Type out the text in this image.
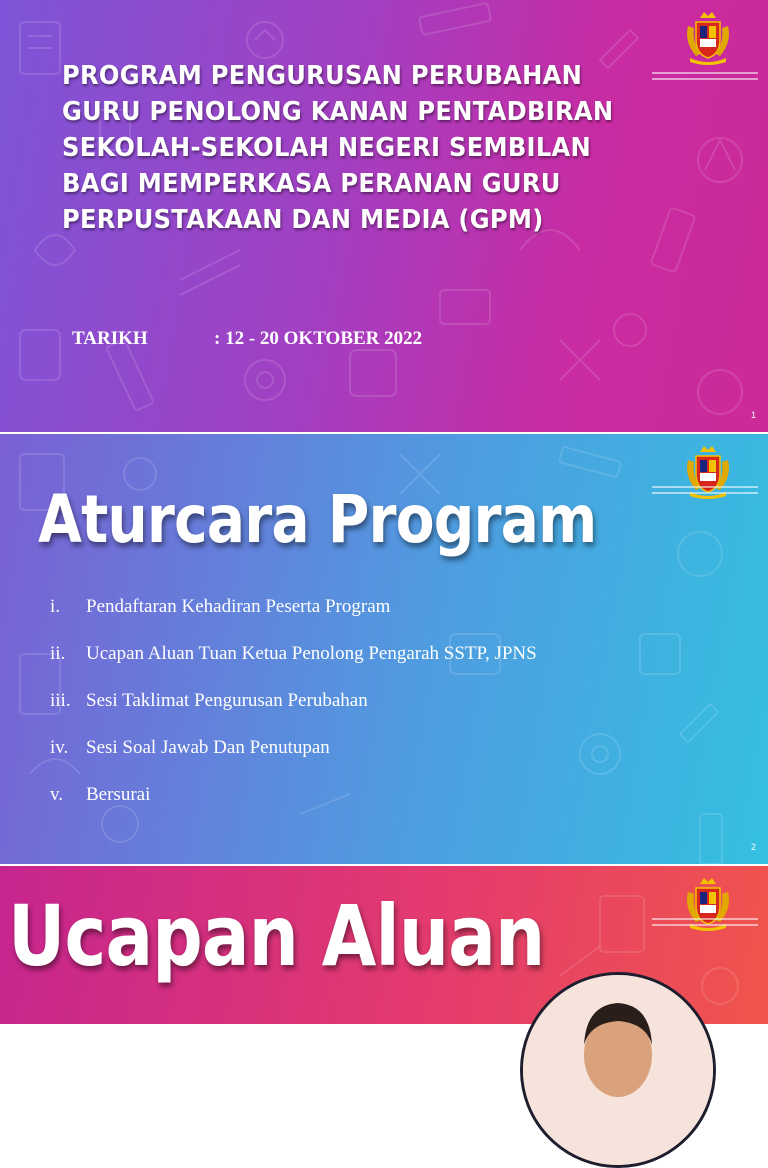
PROGRAM PENGURUSAN PERUBAHAN GURU PENOLONG KANAN PENTADBIRAN SEKOLAH-SEKOLAH NEGERI SEMBILAN BAGI MEMPERKASA PERANAN GURU PERPUSTAKAAN DAN MEDIA (GPM)
TARIKH	: 12 - 20 OKTOBER 2022
1
2
Aturcara Program
i.	Pendaftaran Kehadiran Peserta Program
ii.	Ucapan Aluan Tuan Ketua Penolong Pengarah SSTP, JPNS
iii. Sesi Taklimat Pengurusan Perubahan
iv. Sesi Soal Jawab Dan Penutupan
v.	Bersurai
Ucapan Aluan
